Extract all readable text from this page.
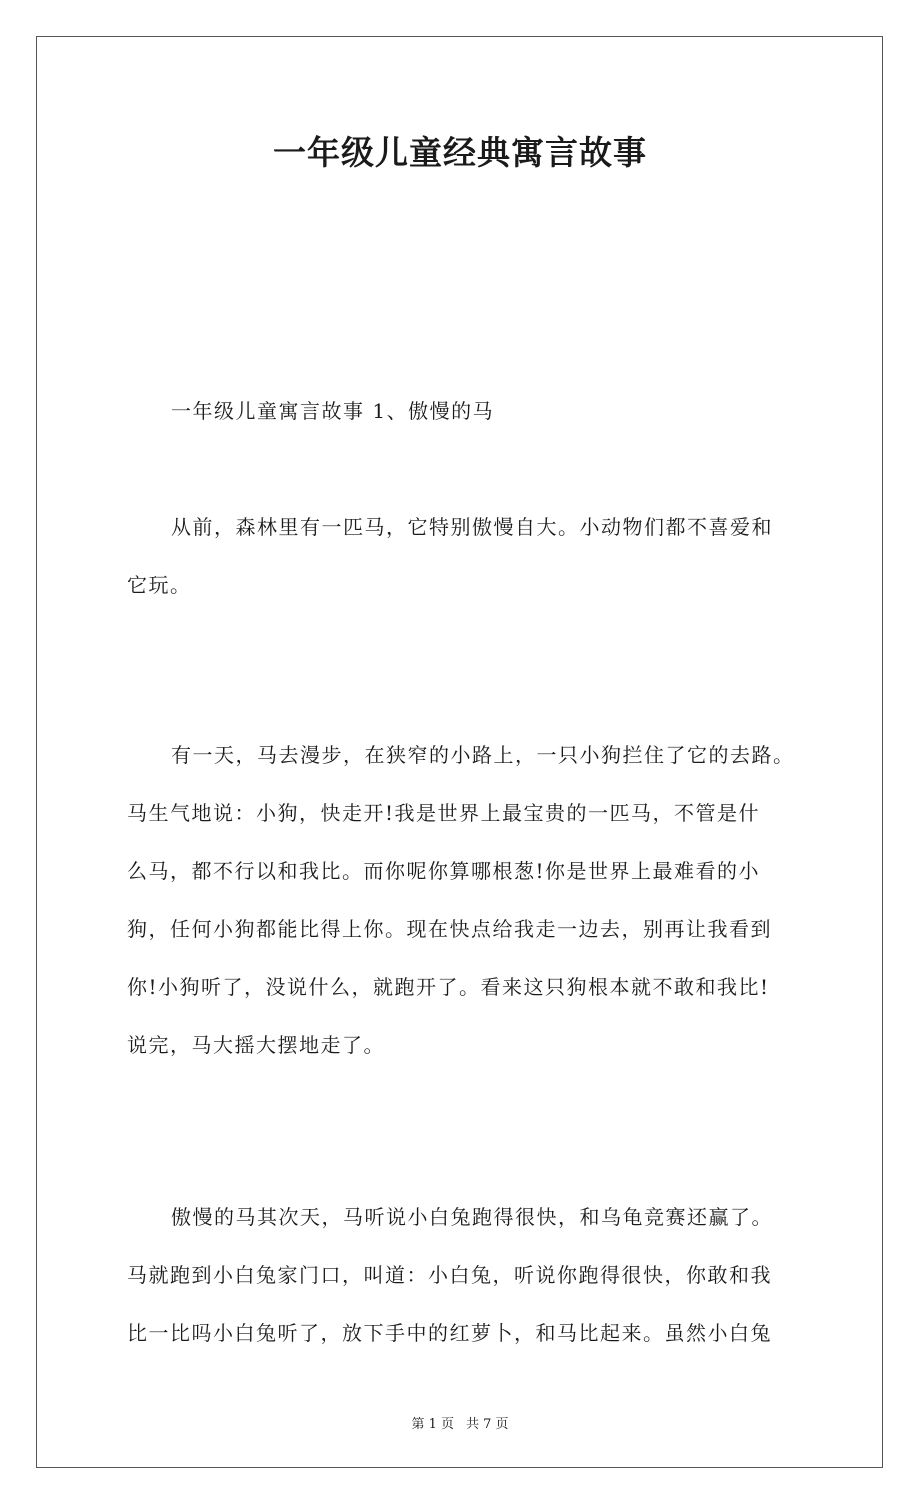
一年级儿童经典寓言故事
一年级儿童寓言故事 1、傲慢的马
从前，森林里有一匹马，它特别傲慢自大。小动物们都不喜爱和
它玩。
有一天，马去漫步，在狭窄的小路上，一只小狗拦住了它的去路。
马生气地说：小狗，快走开!我是世界上最宝贵的一匹马，不管是什
么马，都不行以和我比。而你呢你算哪根葱!你是世界上最难看的小
狗，任何小狗都能比得上你。现在快点给我走一边去，别再让我看到
你!小狗听了，没说什么，就跑开了。看来这只狗根本就不敢和我比!
说完，马大摇大摆地走了。
傲慢的马其次天，马听说小白兔跑得很快，和乌龟竞赛还赢了。
马就跑到小白兔家门口，叫道：小白兔，听说你跑得很快，你敢和我
比一比吗小白兔听了，放下手中的红萝卜，和马比起来。虽然小白兔
第 1 页 共 7 页
